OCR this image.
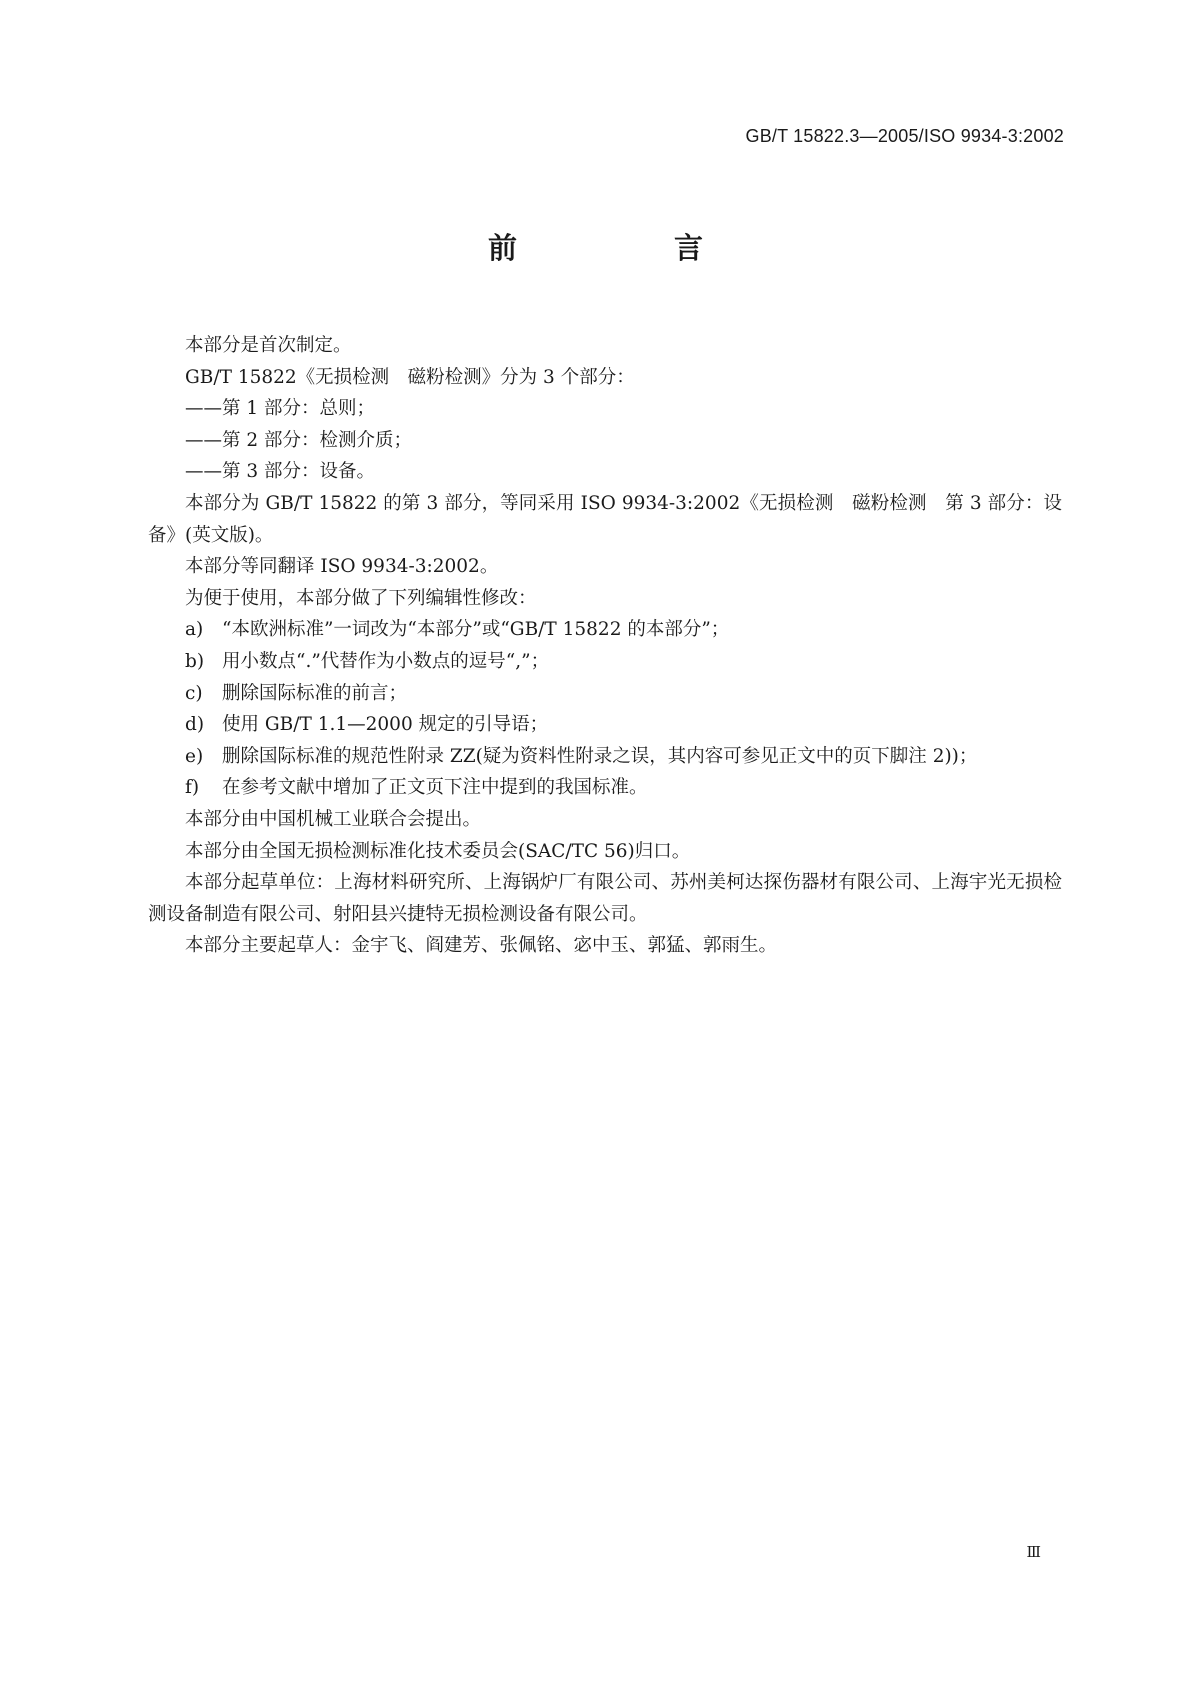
GB/T 15822.3—2005/ISO 9934-3:2002
前　言

本部分是首次制定。

GB/T 15822《无损检测　磁粉检测》分为 3 个部分：

——第 1 部分：总则；

——第 2 部分：检测介质；

——第 3 部分：设备。

本部分为 GB/T 15822 的第 3 部分，等同采用 ISO 9934-3:2002《无损检测　磁粉检测　第 3 部分：设备》(英文版)。

本部分等同翻译 ISO 9934-3:2002。

为便于使用，本部分做了下列编辑性修改：

a) “本欧洲标准”一词改为“本部分”或“GB/T 15822 的本部分”；

b) 用小数点“.”代替作为小数点的逗号“,”；

c) 删除国际标准的前言；

d) 使用 GB/T 1.1—2000 规定的引导语；

e) 删除国际标准的规范性附录 ZZ(疑为资料性附录之误，其内容可参见正文中的页下脚注 2))；

f) 在参考文献中增加了正文页下注中提到的我国标准。

本部分由中国机械工业联合会提出。

本部分由全国无损检测标准化技术委员会(SAC/TC 56)归口。

本部分起草单位：上海材料研究所、上海锅炉厂有限公司、苏州美柯达探伤器材有限公司、上海宇光无损检测设备制造有限公司、射阳县兴捷特无损检测设备有限公司。

本部分主要起草人：金宇飞、阎建芳、张佩铭、宓中玉、郭猛、郭雨生。

Ⅲ
